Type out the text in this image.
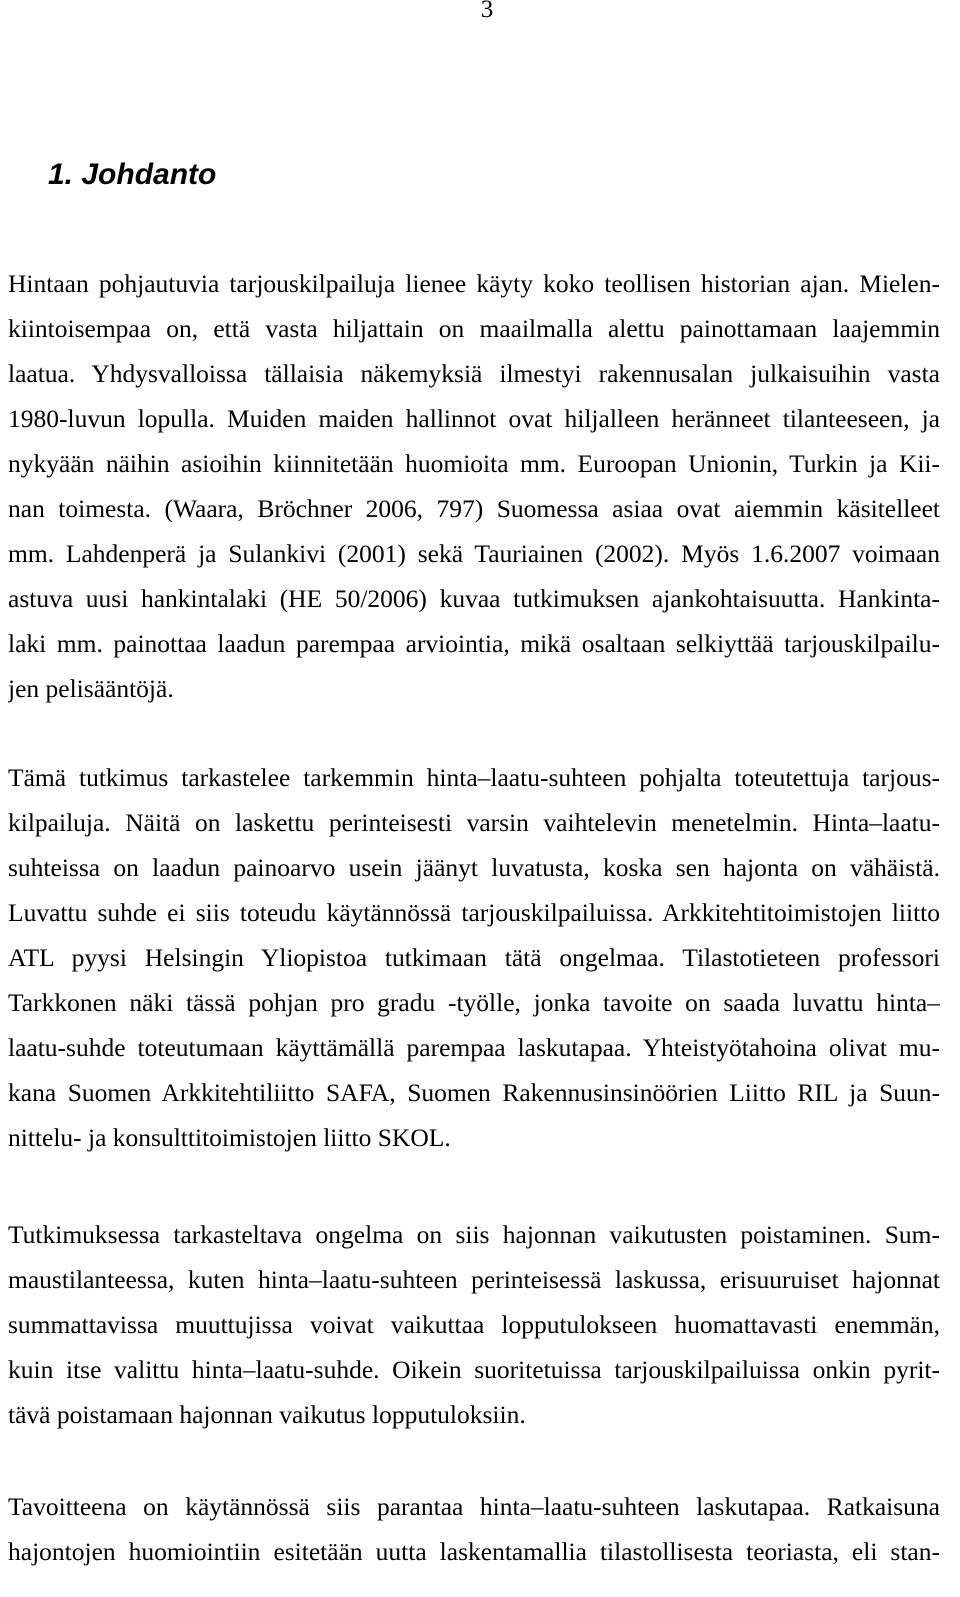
3
1. Johdanto
Hintaan pohjautuvia tarjouskilpailuja lienee käyty koko teollisen historian ajan. Mielen-
kiintoisempaa on, että vasta hiljattain on maailmalla alettu painottamaan laajemmin
laatua. Yhdysvalloissa tällaisia näkemyksiä ilmestyi rakennusalan julkaisuihin vasta
1980-luvun lopulla. Muiden maiden hallinnot ovat hiljalleen heränneet tilanteeseen, ja
nykyään näihin asioihin kiinnitetään huomioita mm. Euroopan Unionin, Turkin ja Kii-
nan toimesta. (Waara, Bröchner 2006, 797) Suomessa asiaa ovat aiemmin käsitelleet
mm. Lahdenperä ja Sulankivi (2001) sekä Tauriainen (2002). Myös 1.6.2007 voimaan
astuva uusi hankintalaki (HE 50/2006) kuvaa tutkimuksen ajankohtaisuutta. Hankinta-
laki mm. painottaa laadun parempaa arviointia, mikä osaltaan selkiyttää tarjouskilpailu-
jen pelisääntöjä.
Tämä tutkimus tarkastelee tarkemmin hinta–laatu-suhteen pohjalta toteutettuja tarjous-
kilpailuja. Näitä on laskettu perinteisesti varsin vaihtelevin menetelmin. Hinta–laatu-
suhteissa on laadun painoarvo usein jäänyt luvatusta, koska sen hajonta on vähäistä.
Luvattu suhde ei siis toteudu käytännössä tarjouskilpailuissa. Arkkitehtitoimistojen liitto
ATL pyysi Helsingin Yliopistoa tutkimaan tätä ongelmaa. Tilastotieteen professori
Tarkkonen näki tässä pohjan pro gradu -työlle, jonka tavoite on saada luvattu hinta–
laatu-suhde toteutumaan käyttämällä parempaa laskutapaa. Yhteistyötahoina olivat mu-
kana Suomen Arkkitehtiliitto SAFA, Suomen Rakennusinsinöörien Liitto RIL ja Suun-
nittelu- ja konsulttitoimistojen liitto SKOL.
Tutkimuksessa tarkasteltava ongelma on siis hajonnan vaikutusten poistaminen. Sum-
maustilanteessa, kuten hinta–laatu-suhteen perinteisessä laskussa, erisuuruiset hajonnat
summattavissa muuttujissa voivat vaikuttaa lopputulokseen huomattavasti enemmän,
kuin itse valittu hinta–laatu-suhde. Oikein suoritetuissa tarjouskilpailuissa onkin pyrit-
tävä poistamaan hajonnan vaikutus lopputuloksiin.
Tavoitteena on käytännössä siis parantaa hinta–laatu-suhteen laskutapaa. Ratkaisuna
hajontojen huomiointiin esitetään uutta laskentamallia tilastollisesta teoriasta, eli stan-
